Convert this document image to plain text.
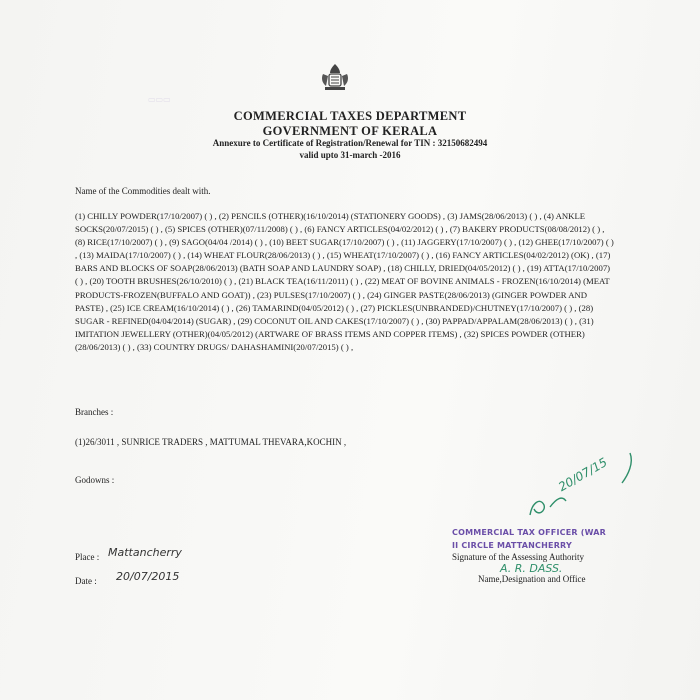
▭▭▭
COMMERCIAL TAXES DEPARTMENT
GOVERNMENT OF KERALA
Annexure to Certificate of Registration/Renewal for TIN : 32150682494
valid upto 31-march -2016
Name of the Commodities dealt with.
(1) CHILLY POWDER(17/10/2007) ( ) , (2) PENCILS (OTHER)(16/10/2014) (STATIONERY GOODS) , (3) JAMS(28/06/2013) ( ) , (4) ANKLE SOCKS(20/07/2015) ( ) , (5) SPICES (OTHER)(07/11/2008) ( ) , (6) FANCY ARTICLES(04/02/2012) ( ) , (7) BAKERY PRODUCTS(08/08/2012) ( ) , (8) RICE(17/10/2007) ( ) , (9) SAGO(04/04 /2014) ( ) , (10) BEET SUGAR(17/10/2007) ( ) , (11) JAGGERY(17/10/2007) ( ) , (12) GHEE(17/10/2007) ( ) , (13) MAIDA(17/10/2007) ( ) , (14) WHEAT FLOUR(28/06/2013) ( ) , (15) WHEAT(17/10/2007) ( ) , (16) FANCY ARTICLES(04/02/2012) (OK) , (17) BARS AND BLOCKS OF SOAP(28/06/2013) (BATH SOAP AND LAUNDRY SOAP) , (18) CHILLY, DRIED(04/05/2012) ( ) , (19) ATTA(17/10/2007) ( ) , (20) TOOTH BRUSHES(26/10/2010) ( ) , (21) BLACK TEA(16/11/2011) ( ) , (22) MEAT OF BOVINE ANIMALS - FROZEN(16/10/2014) (MEAT PRODUCTS-FROZEN(BUFFALO AND GOAT)) , (23) PULSES(17/10/2007) ( ) , (24) GINGER PASTE(28/06/2013) (GINGER POWDER AND PASTE) , (25) ICE CREAM(16/10/2014) ( ) , (26) TAMARIND(04/05/2012) ( ) , (27) PICKLES(UNBRANDED)/CHUTNEY(17/10/2007) ( ) , (28) SUGAR - REFINED(04/04/2014) (SUGAR) , (29) COCONUT OIL AND CAKES(17/10/2007) ( ) , (30) PAPPAD/APPALAM(28/06/2013) ( ) , (31) IMITATION JEWELLERY (OTHER)(04/05/2012) (ARTWARE OF BRASS ITEMS AND COPPER ITEMS) , (32) SPICES POWDER (OTHER)(28/06/2013) ( ) , (33) COUNTRY DRUGS/ DAHASHAMINI(20/07/2015) ( ) ,
Branches :
(1)26/3011 , SUNRICE TRADERS , MATTUMAL THEVARA,KOCHIN ,
Godowns :
Place : Mattancherry
Date : 20/07/2015
COMMERCIAL TAX OFFICER (WAR
II CIRCLE MATTANCHERRY
Signature of the Assessing Authority
Name,Designation and Office
20/07/15
A. R. DASS.
